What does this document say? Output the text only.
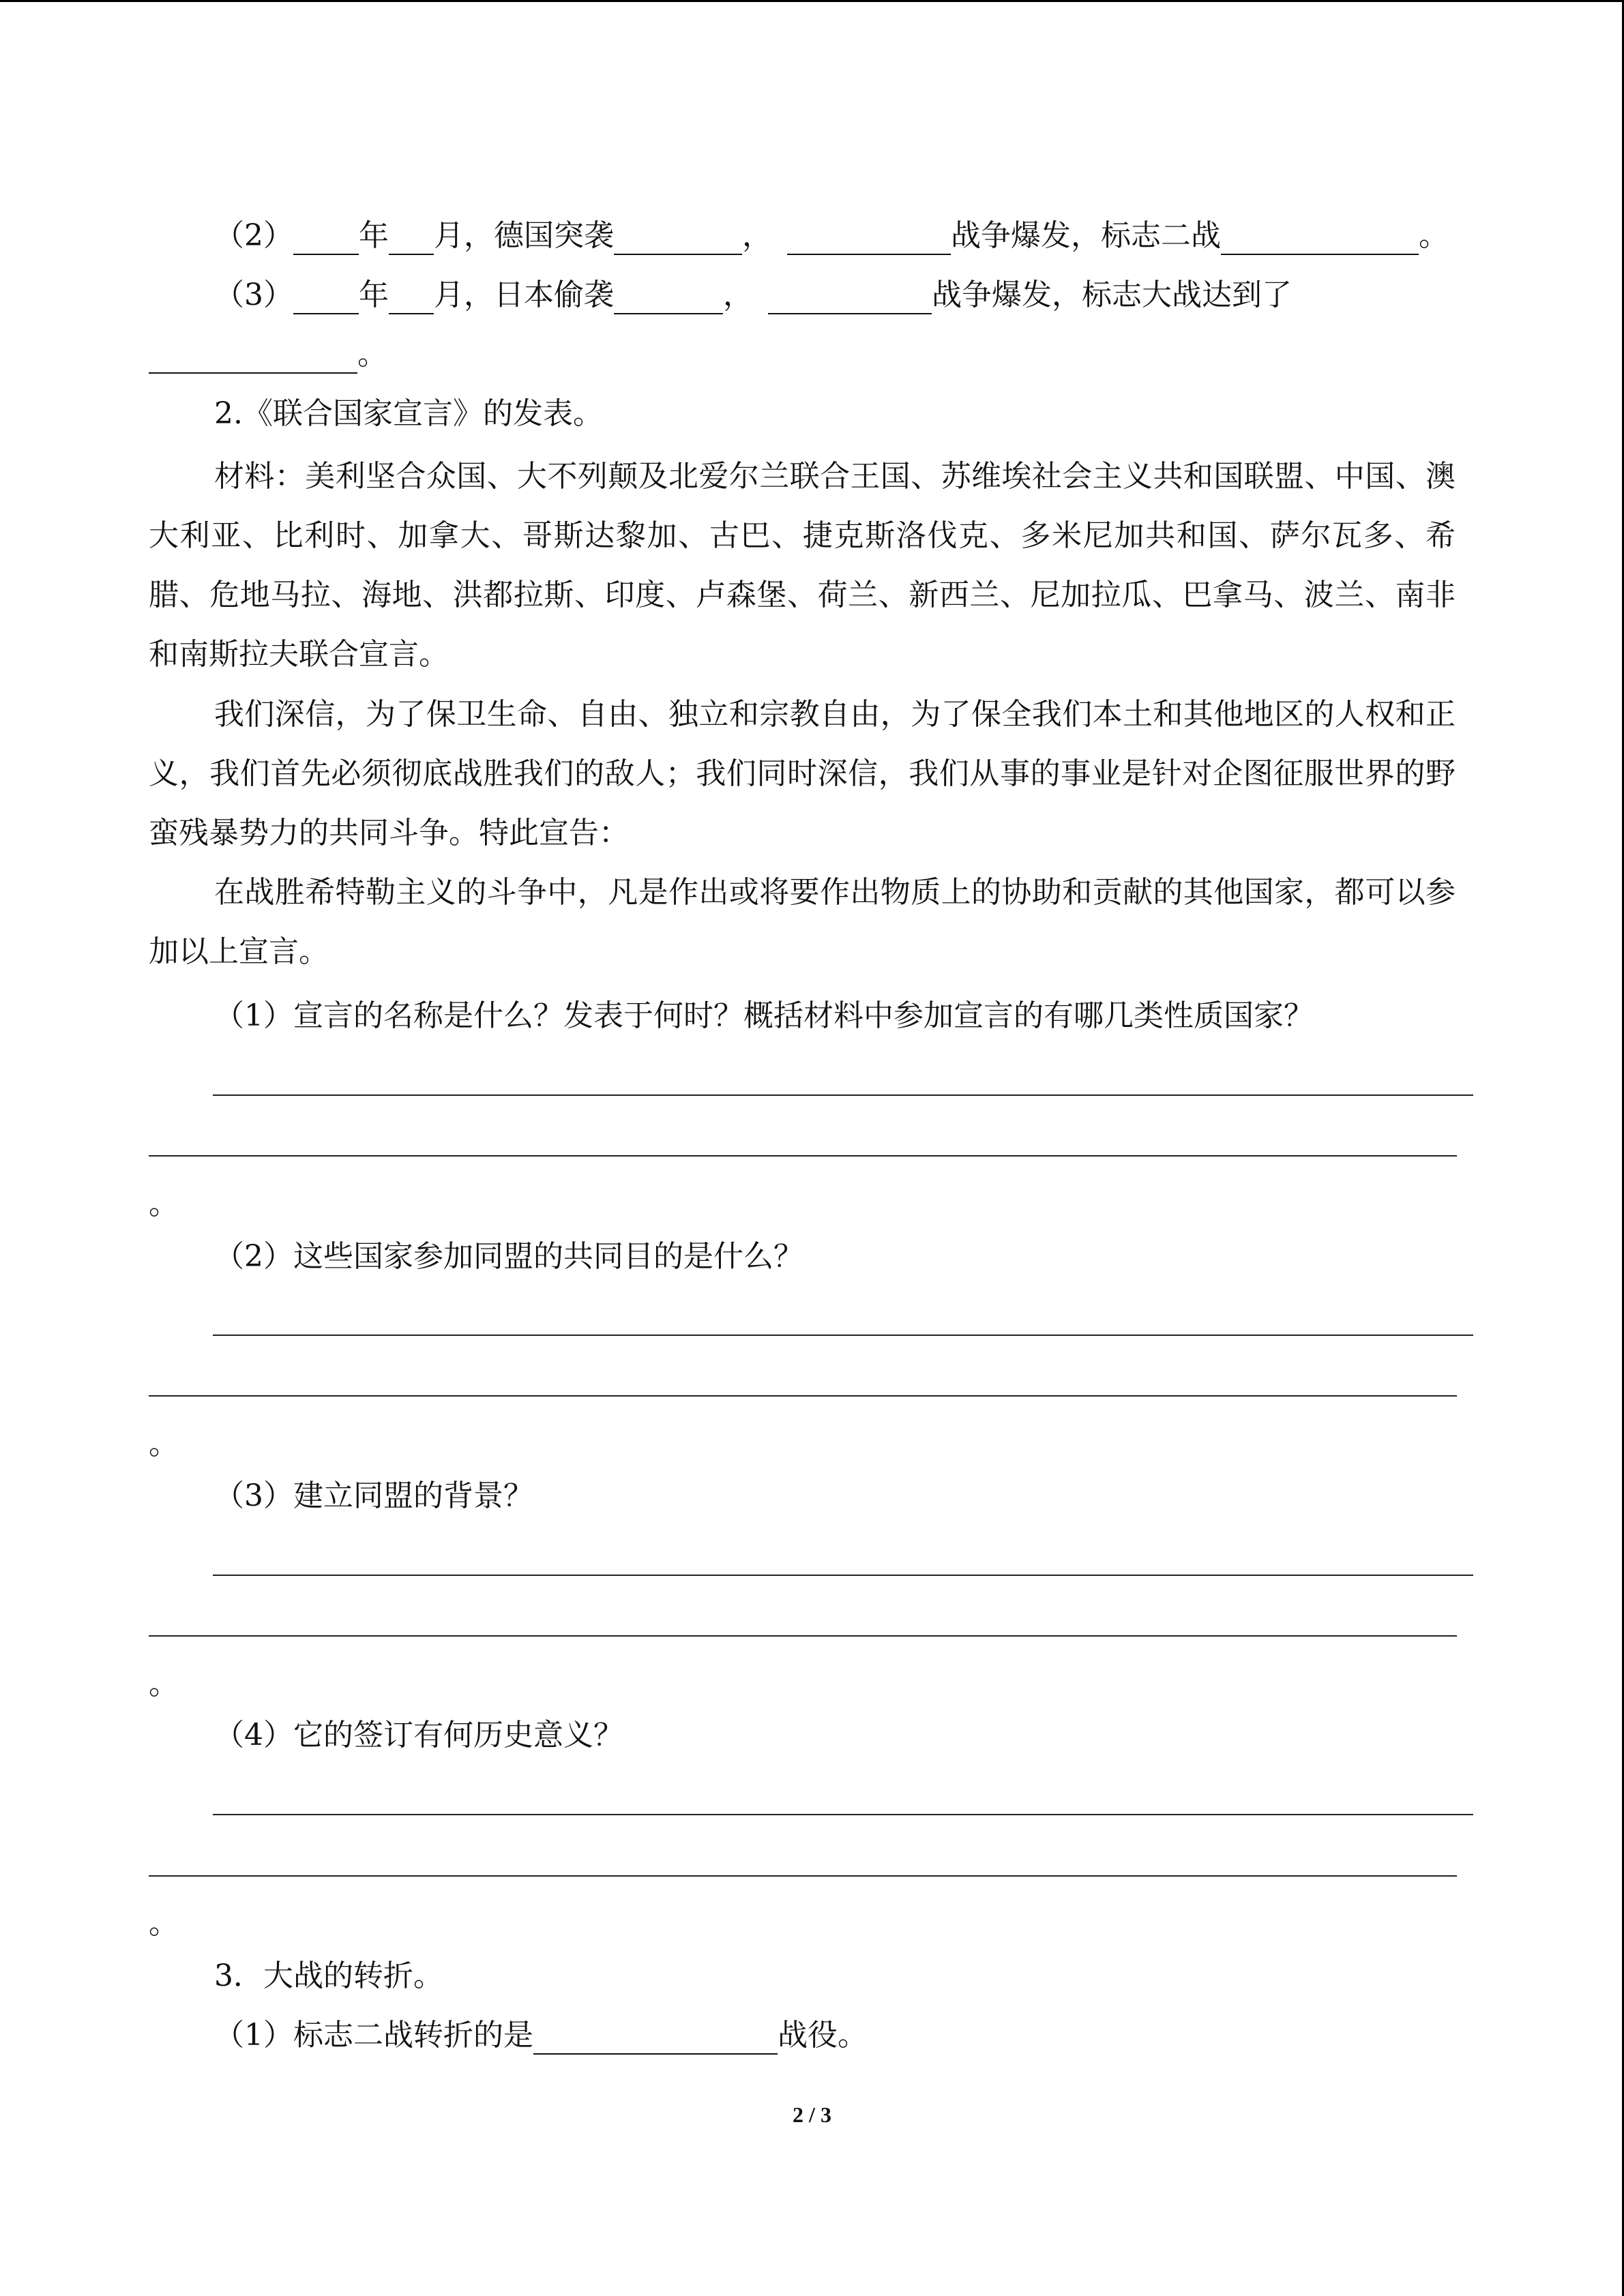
（2） 年 月，德国突袭	，	战争爆发，标志二战	。
（3） 年 月，日本偷袭	，	战争爆发，标志大战达到了
。
2.《联合国家宣言》的发表。
材料：美利坚合众国、大不列颠及北爱尔兰联合王国、苏维埃社会主义共和国联盟、中国、澳大利亚、比利时、加拿大、哥斯达黎加、古巴、捷克斯洛伐克、多米尼加共和国、萨尔瓦多、希腊、危地马拉、海地、洪都拉斯、印度、卢森堡、荷兰、新西兰、尼加拉瓜、巴拿马、波兰、南非和南斯拉夫联合宣言。
我们深信，为了保卫生命、自由、独立和宗教自由，为了保全我们本土和其他地区的人权和正义，我们首先必须彻底战胜我们的敌人；我们同时深信，我们从事的事业是针对企图征服世界的野蛮残暴势力的共同斗争。特此宣告：
在战胜希特勒主义的斗争中，凡是作出或将要作出物质上的协助和贡献的其他国家，都可以参加以上宣言。
（1）宣言的名称是什么？发表于何时？概括材料中参加宣言的有哪几类性质国家？
。
（2）这些国家参加同盟的共同目的是什么？
。
（3）建立同盟的背景？
。
（4）它的签订有何历史意义？
。
3．大战的转折。
（1）标志二战转折的是	战役。
2 / 3
